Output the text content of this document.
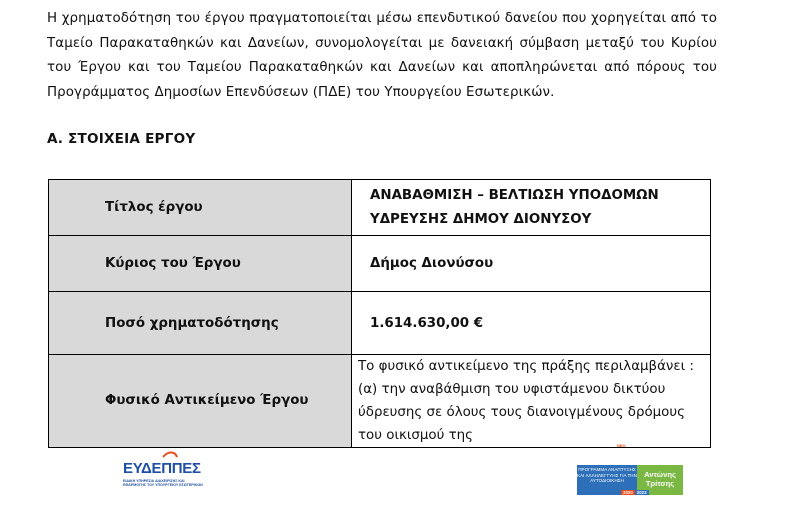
Η χρηματοδότηση του έργου πραγματοποιείται μέσω επενδυτικού δανείου που χορηγείται από το Ταμείο Παρακαταθηκών και Δανείων, συνομολογείται με δανειακή σύμβαση μεταξύ του Κυρίου του Έργου και του Ταμείου Παρακαταθηκών και Δανείων και αποπληρώνεται από πόρους του Προγράμματος Δημοσίων Επενδύσεων (ΠΔΕ) του Υπουργείου Εσωτερικών.

Α. ΣΤΟΙΧΕΙΑ ΕΡΓΟΥ
Τίτλος έργου	ΑΝΑΒΑΘΜΙΣΗ – ΒΕΛΤΙΩΣΗ ΥΠΟΔΟΜΩΝ ΥΔΡΕΥΣΗΣ ΔΗΜΟΥ ΔΙΟΝΥΣΟΥ

Κύριος του Έργου	Δήμος Διονύσου
Ποσό χρηματοδότησης	1.614.630,00 €

Φυσικό Αντικείμενο Έργου	Το φυσικό αντικείμενο της πράξης περιλαμβάνει : (α) την αναβάθμιση του υφιστάμενου δικτύου ύδρευσης σε όλους τους διανοιγμένους δρόμους του οικισμού της
ΕΥΔΕΠΠΕΣ
ΕΙΔΙΚΗ ΥΠΗΡΕΣΙΑ ΔΙΑΧΕΙΡΙΣΗΣ ΚΑΙ ΕΦΑΡΜΟΓΗΣ ΤΟΥ ΥΠΟΥΡΓΕΙΟΥ ΕΣΩΤΕΡΙΚΩΝ
ΝΕΟ
ΠΡΟΓΡΑΜΜΑ ΑΝΑΠΤΥΞΗΣ ΚΑΙ ΑΛΛΗΛΕΓΓΥΗΣ ΓΙΑ ΤΗΝ ΑΥΤΟΔΙΟΙΚΗΣΗ
Αντώνης Τρίτσης
2020 2023
